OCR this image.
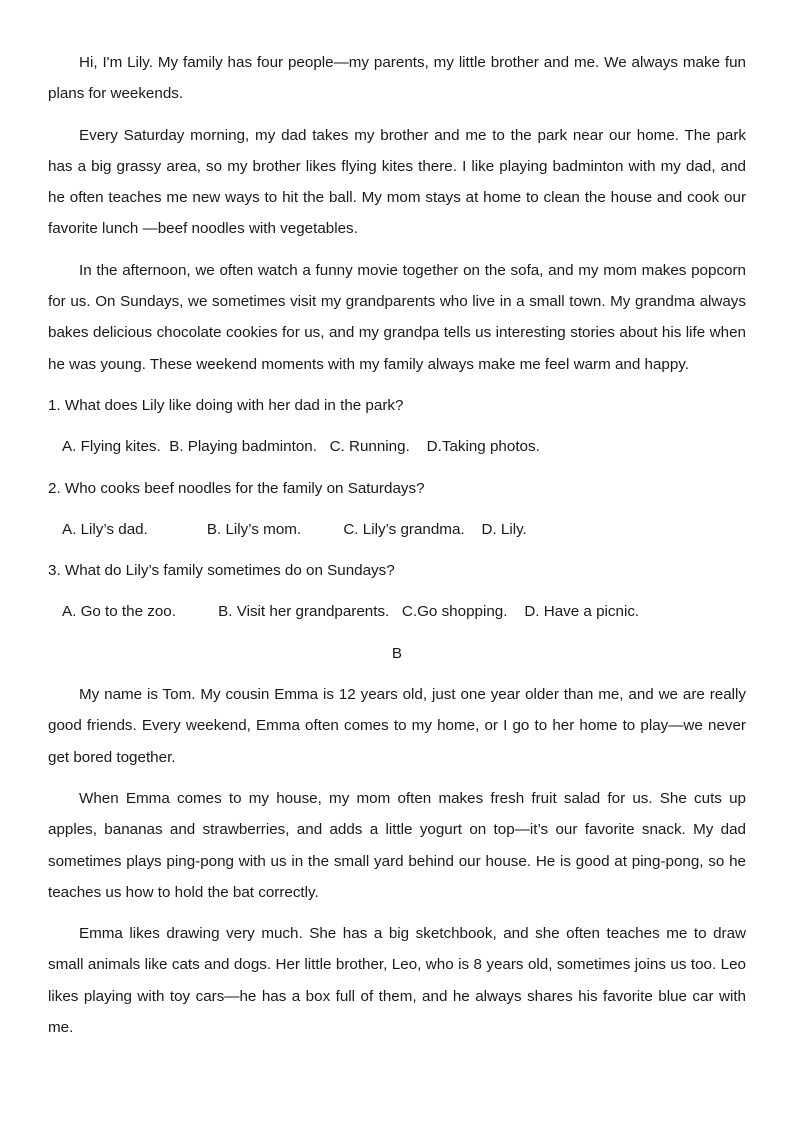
Hi, I'm Lily. My family has four people—my parents, my little brother and me. We always make fun plans for weekends.

Every Saturday morning, my dad takes my brother and me to the park near our home. The park has a big grassy area, so my brother likes flying kites there. I like playing badminton with my dad, and he often teaches me new ways to hit the ball. My mom stays at home to clean the house and cook our favorite lunch —beef noodles with vegetables.

In the afternoon, we often watch a funny movie together on the sofa, and my mom makes popcorn for us. On Sundays, we sometimes visit my grandparents who live in a small town. My grandma always bakes delicious chocolate cookies for us, and my grandpa tells us interesting stories about his life when he was young. These weekend moments with my family always make me feel warm and happy.

1. What does Lily like doing with her dad in the park?

A. Flying kites.  B. Playing badminton.   C. Running.    D.Taking photos.

2. Who cooks beef noodles for the family on Saturdays?

A. Lily’s dad.              B. Lily’s mom.          C. Lily’s grandma.    D. Lily.

3. What do Lily’s family sometimes do on Sundays?

A. Go to the zoo.          B. Visit her grandparents.   C.Go shopping.    D. Have a picnic.

B

My name is Tom. My cousin Emma is 12 years old, just one year older than me, and we are really good friends. Every weekend, Emma often comes to my home, or I go to her home to play—we never get bored together.

When Emma comes to my house, my mom often makes fresh fruit salad for us. She cuts up apples, bananas and strawberries, and adds a little yogurt on top—it’s our favorite snack. My dad sometimes plays ping-pong with us in the small yard behind our house. He is good at ping-pong, so he teaches us how to hold the bat correctly.

Emma likes drawing very much. She has a big sketchbook, and she often teaches me to draw small animals like cats and dogs. Her little brother, Leo, who is 8 years old, sometimes joins us too. Leo likes playing with toy cars—he has a box full of them, and he always shares his favorite blue car with me.
